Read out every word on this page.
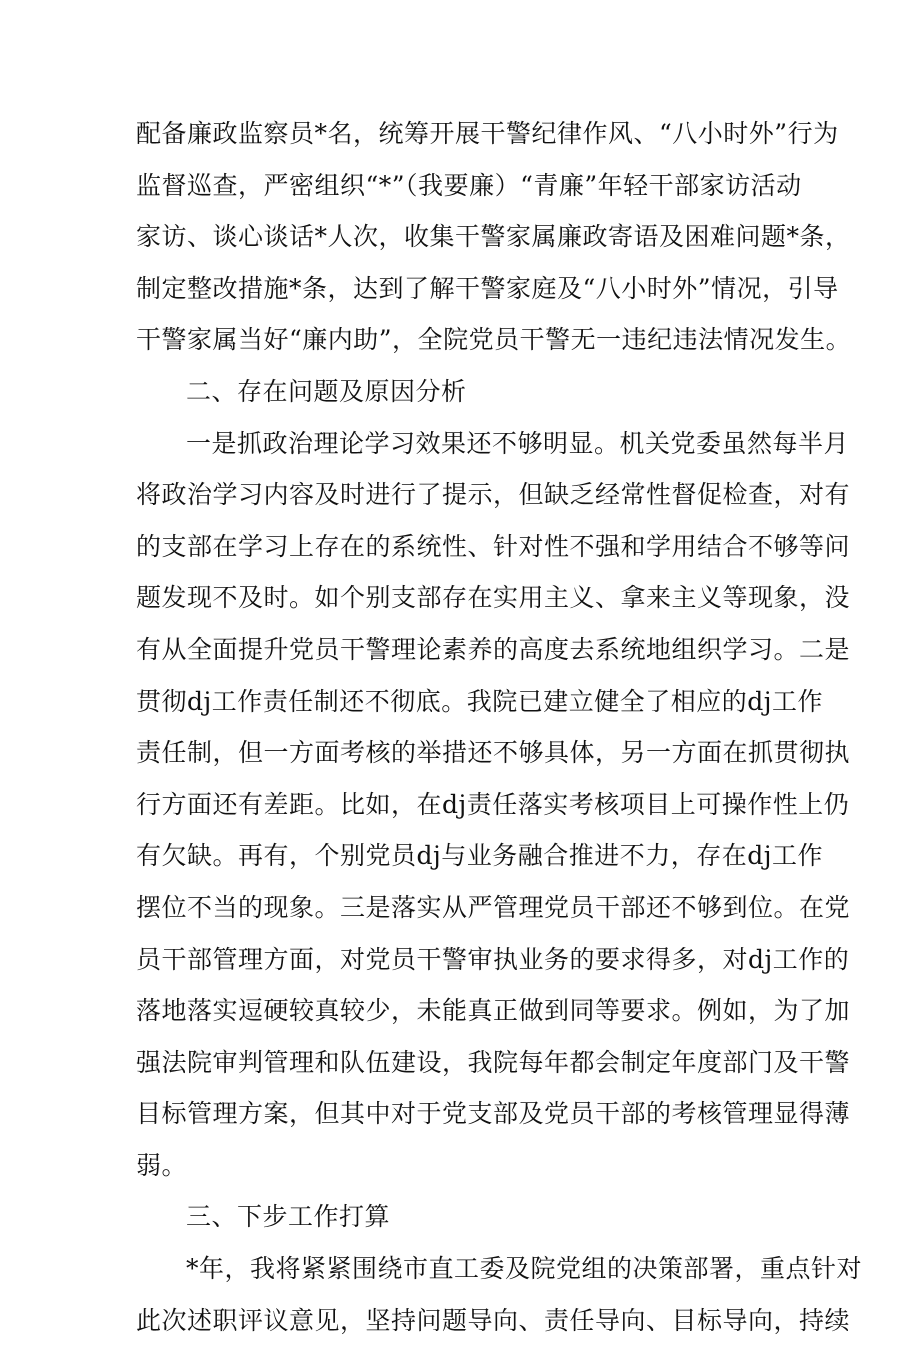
配备廉政监察员*名，统筹开展干警纪律作风、“八小时外”行为
监督巡查，严密组织“*”（我要廉）“青廉”年轻干部家访活动
家访、谈心谈话*人次，收集干警家属廉政寄语及困难问题*条，
制定整改措施*条，达到了解干警家庭及“八小时外”情况，引导
干警家属当好“廉内助”，全院党员干警无一违纪违法情况发生。
二、存在问题及原因分析
一是抓政治理论学习效果还不够明显。机关党委虽然每半月
将政治学习内容及时进行了提示，但缺乏经常性督促检查，对有
的支部在学习上存在的系统性、针对性不强和学用结合不够等问
题发现不及时。如个别支部存在实用主义、拿来主义等现象，没
有从全面提升党员干警理论素养的高度去系统地组织学习。二是
贯彻dj工作责任制还不彻底。我院已建立健全了相应的dj工作
责任制，但一方面考核的举措还不够具体，另一方面在抓贯彻执
行方面还有差距。比如，在dj责任落实考核项目上可操作性上仍
有欠缺。再有，个别党员dj与业务融合推进不力，存在dj工作
摆位不当的现象。三是落实从严管理党员干部还不够到位。在党
员干部管理方面，对党员干警审执业务的要求得多，对dj工作的
落地落实逗硬较真较少，未能真正做到同等要求。例如，为了加
强法院审判管理和队伍建设，我院每年都会制定年度部门及干警
目标管理方案，但其中对于党支部及党员干部的考核管理显得薄
弱。
三、下步工作打算
*年，我将紧紧围绕市直工委及院党组的决策部署，重点针对
此次述职评议意见，坚持问题导向、责任导向、目标导向，持续
